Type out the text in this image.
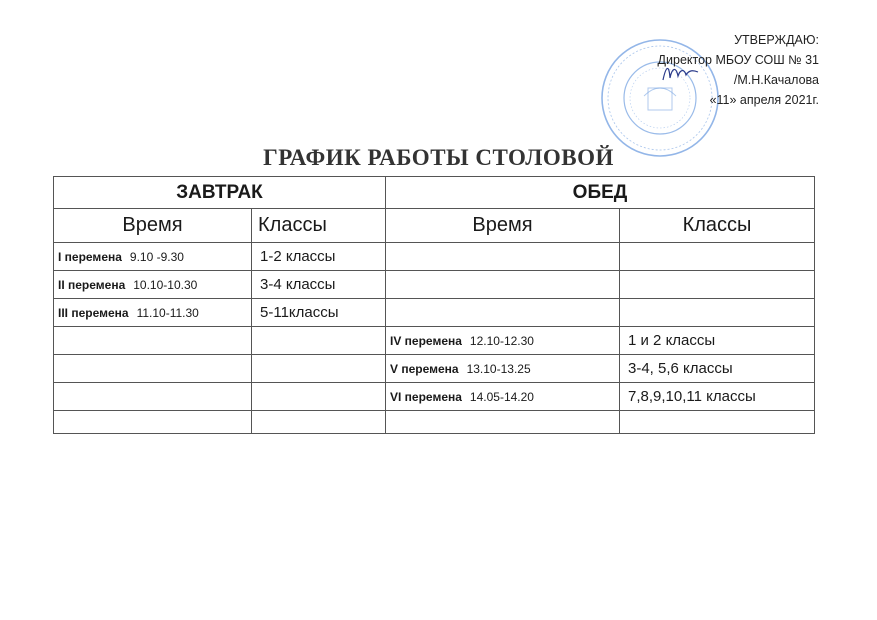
УТВЕРЖДАЮ:
Директор МБОУ СОШ № 31
/М.Н.Качалова
«11» апреля 2021г.
ГРАФИК РАБОТЫ СТОЛОВОЙ
ЗАВТРАК		ОБЕД	
Время	Классы	Время	Классы
I перемена 9.10 -9.30	1-2 классы		
II перемена 10.10-10.30	3-4 классы		
III перемена 11.10-11.30	5-11классы		
		IV перемена 12.10-12.30	1 и 2 классы
		V перемена 13.10-13.25	3-4, 5,6 классы
		VI перемена 14.05-14.20	7,8,9,10,11 классы
